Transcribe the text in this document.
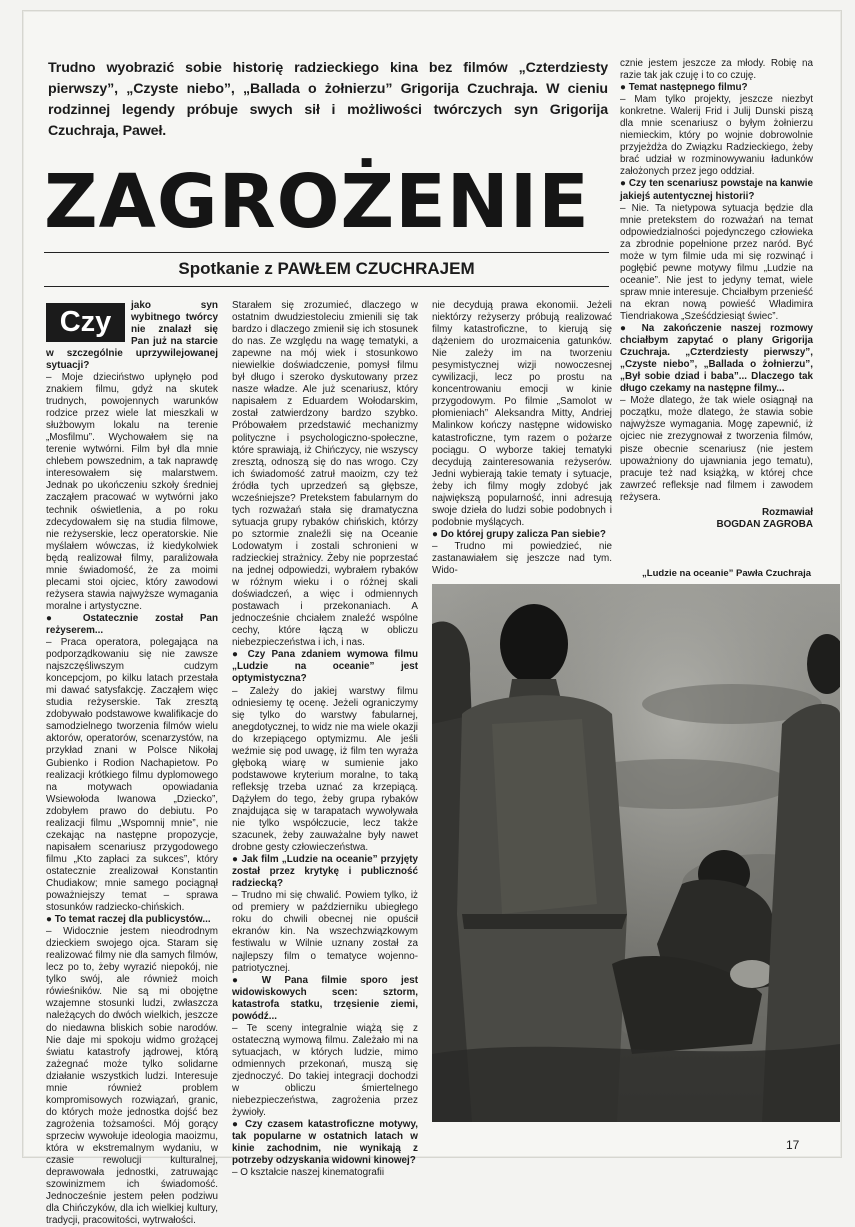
Trudno wyobrazić sobie historię radzieckiego kina bez filmów „Czterdziesty pierwszy”, „Czyste niebo”, „Ballada o żołnierzu” Grigorija Czuchraja. W cieniu rodzinnej legendy próbuje swych sił i możliwości twórczych syn Grigorija Czuchraja, Paweł.
ZAGROŻENIE
Spotkanie z PAWŁEM CZUCHRAJEM
Czy
jako syn wybitnego twórcy nie znalazł się Pan już na starcie w szczególnie uprzywilejowanej sytuacji?

– Moje dzieciństwo upłynęło pod znakiem filmu, gdyż na skutek trudnych, powojennych warunków rodzice przez wiele lat mieszkali w służbowym lokalu na terenie „Mosfilmu”. Wychowałem się na terenie wytwórni. Film był dla mnie chlebem powszednim, a tak naprawdę interesowałem się malarstwem. Jednak po ukończeniu szkoły średniej zacząłem pracować w wytwórni jako technik oświetlenia, a po roku zdecydowałem się na studia filmowe, nie reżyserskie, lecz operatorskie. Nie myślałem wówczas, iż kiedykolwiek będą realizował filmy, paraliżowała mnie świadomość, że za moimi plecami stoi ojciec, który zawodowi reżysera stawia najwyższe wymagania moralne i artystyczne.

● Ostatecznie został Pan reżyserem...

– Praca operatora, polegająca na podporządkowaniu się nie zawsze najszczęśliwszym cudzym koncepcjom, po kilku latach przestała mi dawać satysfakcję. Zacząłem więc studia reżyserskie. Tak zresztą zdobywało podstawowe kwalifikacje do samodzielnego tworzenia filmów wielu aktorów, operatorów, scenarzystów, na przykład znani w Polsce Nikołaj Gubienko i Rodion Nachapietow. Po realizacji krótkiego filmu dyplomowego na motywach opowiadania Wsiewołoda Iwanowa „Dziecko”, zdobyłem prawo do debiutu. Po realizacji filmu „Wspomnij mnie”, nie czekając na następne propozycje, napisałem scenariusz przygodowego filmu „Kto zapłaci za sukces”, który ostatecznie zrealizował Konstantin Chudiakow; mnie samego pociągnął poważniejszy temat – sprawa stosunków radziecko-chińskich.

● To temat raczej dla publicystów...

– Widocznie jestem nieodrodnym dzieckiem swojego ojca. Staram się realizować filmy nie dla samych filmów, lecz po to, żeby wyrazić niepokój, nie tylko swój, ale również moich rówieśników. Nie są mi obojętne wzajemne stosunki ludzi, zwłaszcza należących do dwóch wielkich, jeszcze do niedawna bliskich sobie narodów. Nie daje mi spokoju widmo grożącej światu katastrofy jądrowej, którą zażegnać może tylko solidarne działanie wszystkich ludzi. Interesuje mnie również problem kompromisowych rozwiązań, granic, do których może jednostka dojść bez zagrożenia tożsamości. Mój gorący sprzeciw wywołuje ideologia maoizmu, która w ekstremalnym wydaniu, w czasie rewolucji kulturalnej, deprawowała jednostki, zatruwając szowinizmem ich świadomość. Jednocześnie jestem pełen podziwu dla Chińczyków, dla ich wielkiej kultury, tradycji, pracowitości, wytrwałości.

Starałem się zrozumieć, dlaczego w ostatnim dwudziestoleciu zmienili się tak bardzo i dlaczego zmienił się ich stosunek do nas. Ze względu na wagę tematyki, a zapewne na mój wiek i stosunkowo niewielkie doświadczenie, pomysł filmu był długo i szeroko dyskutowany przez nasze władze. Ale już scenariusz, który napisałem z Eduardem Wołodarskim, został zatwierdzony bardzo szybko. Próbowałem przedstawić mechanizmy polityczne i psychologiczno-społeczne, które sprawiają, iż Chińczycy, nie wszyscy zresztą, odnoszą się do nas wrogo. Czy ich świadomość zatruł maoizm, czy też źródła tych uprzedzeń są głębsze, wcześniejsze? Pretekstem fabularnym do tych rozważań stała się dramatyczna sytuacja grupy rybaków chińskich, którzy po sztormie znaleźli się na Oceanie Lodowatym i zostali schronieni w radzieckiej strażnicy. Żeby nie poprzestać na jednej odpowiedzi, wybrałem rybaków w różnym wieku i o różnej skali doświadczeń, a więc i odmiennych postawach i przekonaniach. A jednocześnie chciałem znaleźć wspólne cechy, które łączą w obliczu niebezpieczeństwa i ich, i nas.

● Czy Pana zdaniem wymowa filmu „Ludzie na oceanie” jest optymistyczna?

– Zależy do jakiej warstwy filmu odniesiemy tę ocenę. Jeżeli ograniczymy się tylko do warstwy fabularnej, anegdotycznej, to widz nie ma wiele okazji do krzepiącego optymizmu. Ale jeśli weźmie się pod uwagę, iż film ten wyraża głęboką wiarę w sumienie jako podstawowe kryterium moralne, to taką refleksję trzeba uznać za krzepiącą. Dążyłem do tego, żeby grupa rybaków znajdująca się w tarapatach wywoływała nie tylko współczucie, lecz także szacunek, żeby zauważalne były nawet drobne gesty człowieczeństwa.

● Jak film „Ludzie na oceanie” przyjęty został przez krytykę i publiczność radziecką?

– Trudno mi się chwalić. Powiem tylko, iż od premiery w październiku ubiegłego roku do chwili obecnej nie opuścił ekranów kin. Na wszechzwiązkowym festiwalu w Wilnie uznany został za najlepszy film o tematyce wojenno-patriotycznej.

● W Pana filmie sporo jest widowiskowych scen: sztorm, katastrofa statku, trzęsienie ziemi, powódź...

– Te sceny integralnie wiążą się z ostateczną wymową filmu. Zależało mi na sytuacjach, w których ludzie, mimo odmiennych przekonań, muszą się zjednoczyć. Do takiej integracji dochodzi w obliczu śmiertelnego niebezpieczeństwa, zagrożenia przez żywioły.

● Czy czasem katastroficzne motywy, tak popularne w ostatnich latach w kinie zachodnim, nie wynikają z potrzeby odzyskania widowni kinowej?

– O kształcie naszej kinematografii

nie decydują prawa ekonomii. Jeżeli niektórzy reżyserzy próbują realizować filmy katastroficzne, to kierują się dążeniem do urozmaicenia gatunków. Nie zależy im na tworzeniu pesymistycznej wizji nowoczesnej cywilizacji, lecz po prostu na koncentrowaniu emocji w kinie przygodowym. Po filmie „Samolot w płomieniach” Aleksandra Mitty, Andriej Malinkow kończy następne widowisko katastroficzne, tym razem o pożarze pociągu. O wyborze takiej tematyki decydują zainteresowania reżyserów. Jedni wybierają takie tematy i sytuacje, żeby ich filmy mogły zdobyć jak największą popularność, inni adresują swoje dzieła do ludzi sobie podobnych i podobnie myślących.

● Do której grupy zalicza Pan siebie?

– Trudno mi powiedzieć, nie zastanawiałem się jeszcze nad tym. Wido-

cznie jestem jeszcze za młody. Robię na razie tak jak czuję i to co czuję.

● Temat następnego filmu?

– Mam tylko projekty, jeszcze niezbyt konkretne. Walerij Frid i Julij Dunski piszą dla mnie scenariusz o byłym żołnierzu niemieckim, który po wojnie dobrowolnie przyjeżdża do Związku Radzieckiego, żeby brać udział w rozminowywaniu ładunków założonych przez jego oddział.

● Czy ten scenariusz powstaje na kanwie jakiejś autentycznej historii?

– Nie. Ta nietypowa sytuacja będzie dla mnie pretekstem do rozważań na temat odpowiedzialności pojedynczego człowieka za zbrodnie popełnione przez naród. Być może w tym filmie uda mi się rozwinąć i pogłębić pewne motywy filmu „Ludzie na oceanie”. Nie jest to jedyny temat, wiele spraw mnie interesuje. Chciałbym przenieść na ekran nową powieść Władimira Tiendriakowa „Sześćdziesiąt świec”.

● Na zakończenie naszej rozmowy chciałbym zapytać o plany Grigorija Czuchraja. „Czterdziesty pierwszy”, „Czyste niebo”, „Ballada o żołnierzu”, „Był sobie dziad i baba”... Dlaczego tak długo czekamy na następne filmy...

– Może dlatego, że tak wiele osiągnął na początku, może dlatego, że stawia sobie najwyższe wymagania. Mogę zapewnić, iż ojciec nie zrezygnował z tworzenia filmów, pisze obecnie scenariusz (nie jestem upoważniony do ujawniania jego tematu), pracuje też nad książką, w której chce zawrzeć refleksje nad filmem i zawodem reżysera.

Rozmawiał

BOGDAN ZAGROBA

„Ludzie na oceanie” Pawła Czuchraja
17
